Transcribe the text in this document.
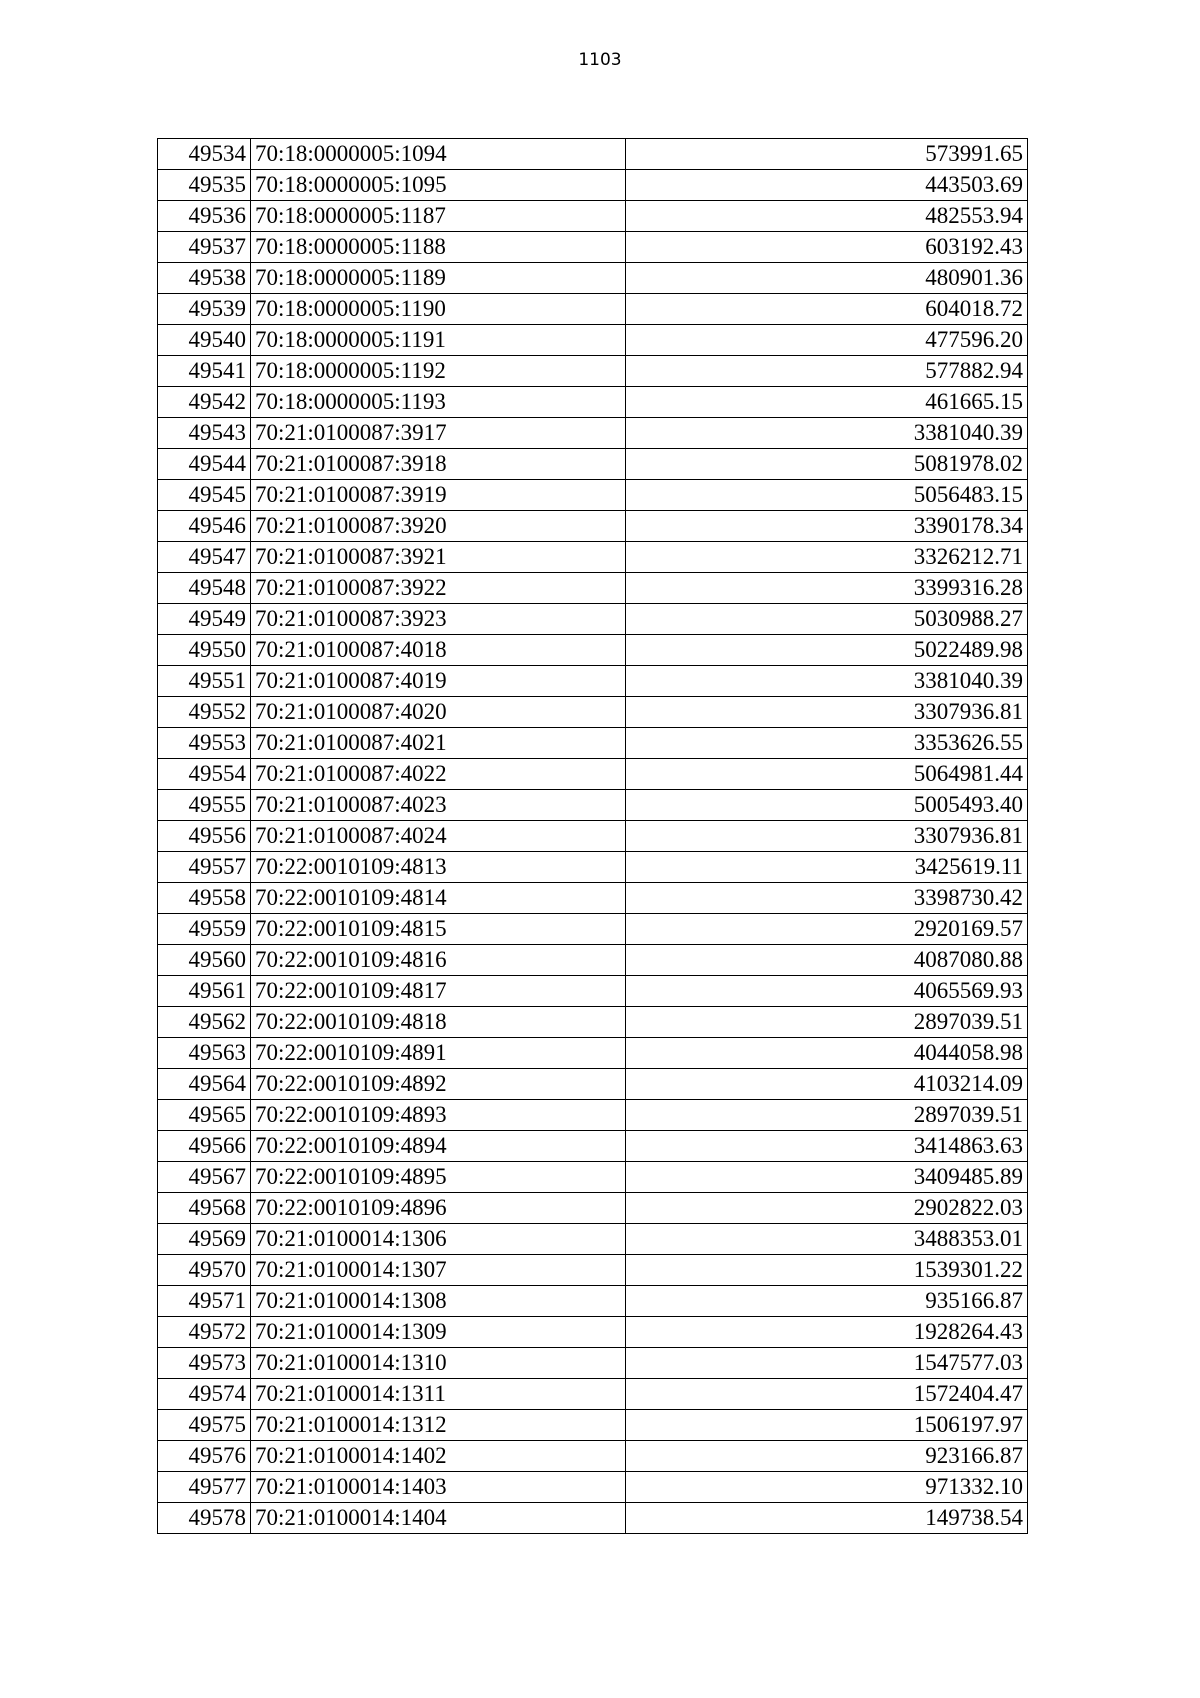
1103
49534	70:18:0000005:1094	573991.65
49535	70:18:0000005:1095	443503.69
49536	70:18:0000005:1187	482553.94
49537	70:18:0000005:1188	603192.43
49538	70:18:0000005:1189	480901.36
49539	70:18:0000005:1190	604018.72
49540	70:18:0000005:1191	477596.20
49541	70:18:0000005:1192	577882.94
49542	70:18:0000005:1193	461665.15
49543	70:21:0100087:3917	3381040.39
49544	70:21:0100087:3918	5081978.02
49545	70:21:0100087:3919	5056483.15
49546	70:21:0100087:3920	3390178.34
49547	70:21:0100087:3921	3326212.71
49548	70:21:0100087:3922	3399316.28
49549	70:21:0100087:3923	5030988.27
49550	70:21:0100087:4018	5022489.98
49551	70:21:0100087:4019	3381040.39
49552	70:21:0100087:4020	3307936.81
49553	70:21:0100087:4021	3353626.55
49554	70:21:0100087:4022	5064981.44
49555	70:21:0100087:4023	5005493.40
49556	70:21:0100087:4024	3307936.81
49557	70:22:0010109:4813	3425619.11
49558	70:22:0010109:4814	3398730.42
49559	70:22:0010109:4815	2920169.57
49560	70:22:0010109:4816	4087080.88
49561	70:22:0010109:4817	4065569.93
49562	70:22:0010109:4818	2897039.51
49563	70:22:0010109:4891	4044058.98
49564	70:22:0010109:4892	4103214.09
49565	70:22:0010109:4893	2897039.51
49566	70:22:0010109:4894	3414863.63
49567	70:22:0010109:4895	3409485.89
49568	70:22:0010109:4896	2902822.03
49569	70:21:0100014:1306	3488353.01
49570	70:21:0100014:1307	1539301.22
49571	70:21:0100014:1308	935166.87
49572	70:21:0100014:1309	1928264.43
49573	70:21:0100014:1310	1547577.03
49574	70:21:0100014:1311	1572404.47
49575	70:21:0100014:1312	1506197.97
49576	70:21:0100014:1402	923166.87
49577	70:21:0100014:1403	971332.10
49578	70:21:0100014:1404	149738.54
